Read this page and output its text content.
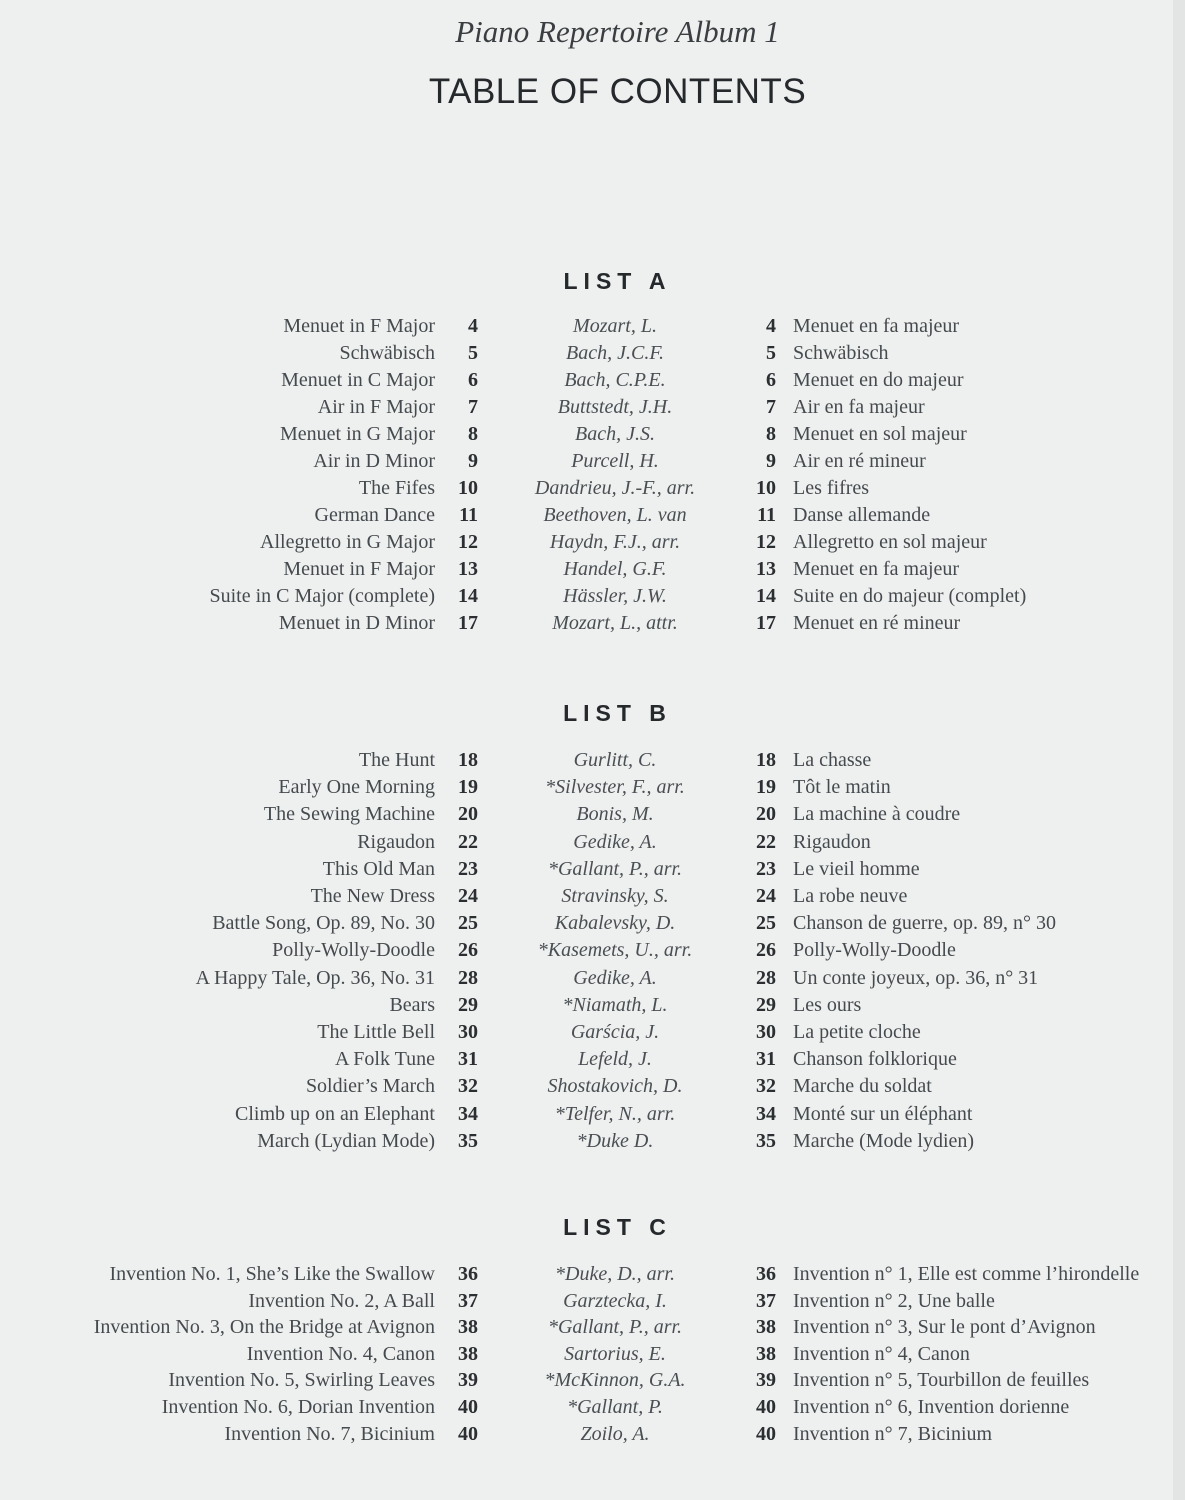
Piano Repertoire Album 1
TABLE OF CONTENTS
LIST A
Menuet in F Major	4	Mozart, L.	4 Menuet en fa majeur
Schwäbisch	5	Bach, J.C.F.	5 Schwäbisch
Menuet in C Major	6	Bach, C.P.E.	6 Menuet en do majeur
Air in F Major	7	Buttstedt, J.H.	7 Air en fa majeur
Menuet in G Major	8	Bach, J.S.	8 Menuet en sol majeur
Air in D Minor	9	Purcell, H.	9 Air en ré mineur
The Fifes	10	Dandrieu, J.-F., arr.	10 Les fifres
German Dance	11	Beethoven, L. van	11 Danse allemande
Allegretto in G Major	12	Haydn, F.J., arr.	12 Allegretto en sol majeur
Menuet in F Major	13	Handel, G.F.	13 Menuet en fa majeur
Suite in C Major (complete)	14	Hässler, J.W.	14 Suite en do majeur (complet)
Menuet in D Minor	17	Mozart, L., attr.	17 Menuet en ré mineur
LIST B
The Hunt	18	Gurlitt, C.	18 La chasse
Early One Morning	19	*Silvester, F., arr.	19 Tôt le matin
The Sewing Machine	20	Bonis, M.	20 La machine à coudre
Rigaudon	22	Gedike, A.	22 Rigaudon
This Old Man	23	*Gallant, P., arr.	23 Le vieil homme
The New Dress	24	Stravinsky, S.	24 La robe neuve
Battle Song, Op. 89, No. 30	25	Kabalevsky, D.	25 Chanson de guerre, op. 89, n° 30
Polly-Wolly-Doodle	26	*Kasemets, U., arr.	26 Polly-Wolly-Doodle
A Happy Tale, Op. 36, No. 31	28	Gedike, A.	28 Un conte joyeux, op. 36, n° 31
Bears	29	*Niamath, L.	29 Les ours
The Little Bell	30	Garścia, J.	30 La petite cloche
A Folk Tune	31	Lefeld, J.	31 Chanson folklorique
Soldier’s March	32	Shostakovich, D.	32 Marche du soldat
Climb up on an Elephant	34	*Telfer, N., arr.	34 Monté sur un éléphant
March (Lydian Mode)	35	*Duke D.	35 Marche (Mode lydien)
LIST C
Invention No. 1, She’s Like the Swallow	36	*Duke, D., arr.	36 Invention n° 1, Elle est comme l’hirondelle
Invention No. 2, A Ball	37	Garztecka, I.	37 Invention n° 2, Une balle
Invention No. 3, On the Bridge at Avignon	38	*Gallant, P., arr.	38 Invention n° 3, Sur le pont d’Avignon
Invention No. 4, Canon	38	Sartorius, E.	38 Invention n° 4, Canon
Invention No. 5, Swirling Leaves	39	*McKinnon, G.A.	39 Invention n° 5, Tourbillon de feuilles
Invention No. 6, Dorian Invention	40	*Gallant, P.	40 Invention n° 6, Invention dorienne
Invention No. 7, Bicinium	40	Zoilo, A.	40 Invention n° 7, Bicinium
